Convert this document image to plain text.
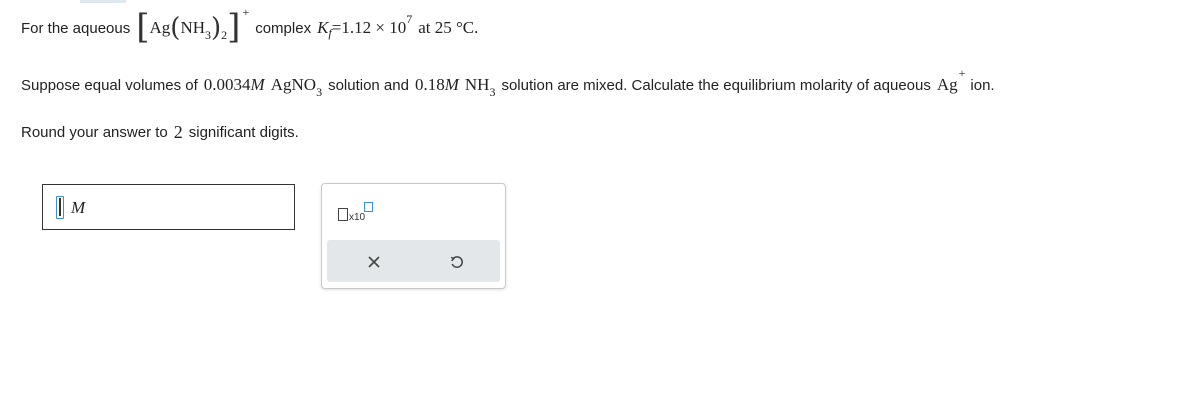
For the aqueous [ Ag ( NH 3 ) 2 ] +
complex K f =1.12 × 10 7 at 25 °C.
Suppose equal volumes of 0.0034 M AgNO 3 solution and 0.18 M NH 3 solution are mixed. Calculate the equilibrium molarity of aqueous Ag
+
ion.
Round your answer to 2 significant digits.
M
x10
